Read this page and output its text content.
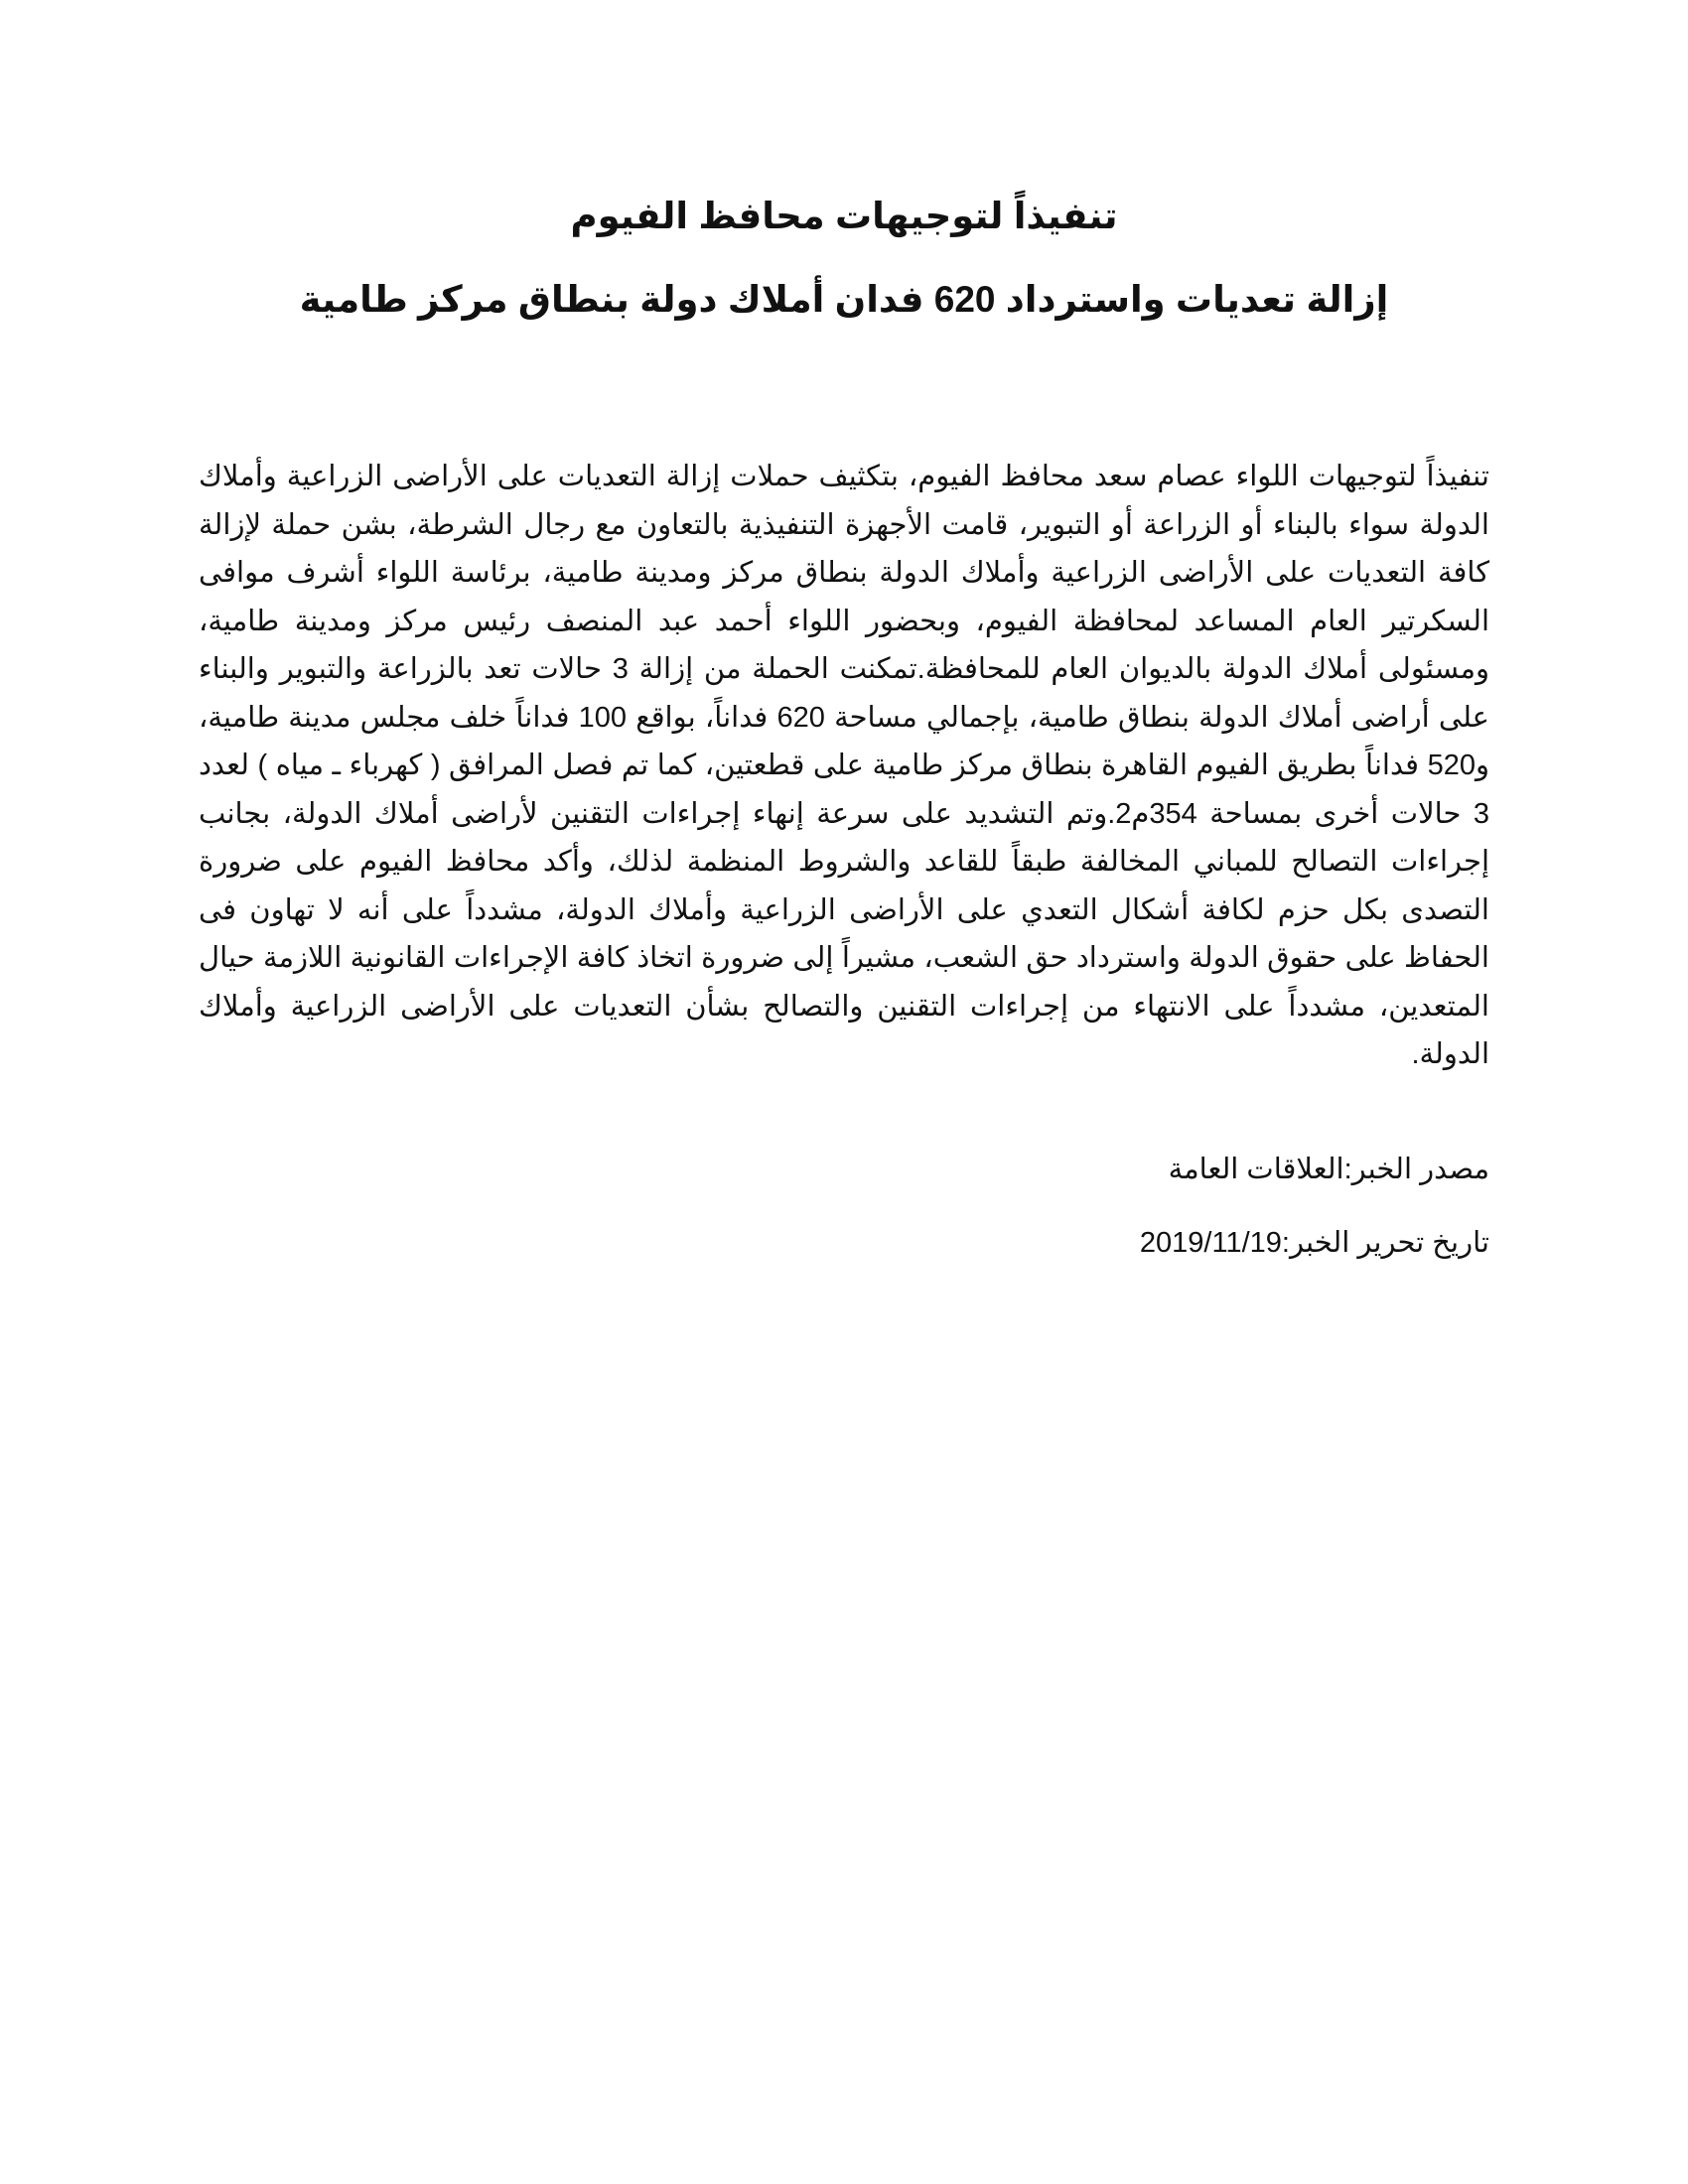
تنفيذاً لتوجيهات محافظ الفيوم
إزالة تعديات واسترداد 620 فدان أملاك دولة بنطاق مركز طامية

تنفيذاً لتوجيهات اللواء عصام سعد محافظ الفيوم، بتكثيف حملات إزالة التعديات على الأراضى الزراعية وأملاك الدولة سواء بالبناء أو الزراعة أو التبوير، قامت الأجهزة التنفيذية بالتعاون مع رجال الشرطة، بشن حملة لإزالة كافة التعديات على الأراضى الزراعية وأملاك الدولة بنطاق مركز ومدينة طامية، برئاسة اللواء أشرف موافى السكرتير العام المساعد لمحافظة الفيوم، وبحضور اللواء أحمد عبد المنصف رئيس مركز ومدينة طامية، ومسئولى أملاك الدولة بالديوان العام للمحافظة.تمكنت الحملة من إزالة 3 حالات تعد بالزراعة والتبوير والبناء على أراضى أملاك الدولة بنطاق طامية، بإجمالي مساحة 620 فداناً، بواقع 100 فداناً خلف مجلس مدينة طامية، و520 فداناً بطريق الفيوم القاهرة بنطاق مركز طامية على قطعتين، كما تم فصل المرافق ( كهرباء ـ مياه ) لعدد 3 حالات أخرى بمساحة 354م2.وتم التشديد على سرعة إنهاء إجراءات التقنين لأراضى أملاك الدولة، بجانب إجراءات التصالح للمباني المخالفة طبقاً للقاعد والشروط المنظمة لذلك، وأكد محافظ الفيوم على ضرورة التصدى بكل حزم لكافة أشكال التعدي على الأراضى الزراعية وأملاك الدولة، مشدداً على أنه لا تهاون فى الحفاظ على حقوق الدولة واسترداد حق الشعب، مشيراً إلى ضرورة اتخاذ كافة الإجراءات القانونية اللازمة حيال المتعدين، مشدداً على الانتهاء من إجراءات التقنين والتصالح بشأن التعديات على الأراضى الزراعية وأملاك الدولة.

مصدر الخبر:العلاقات العامة

تاريخ تحرير الخبر:2019/11/19
